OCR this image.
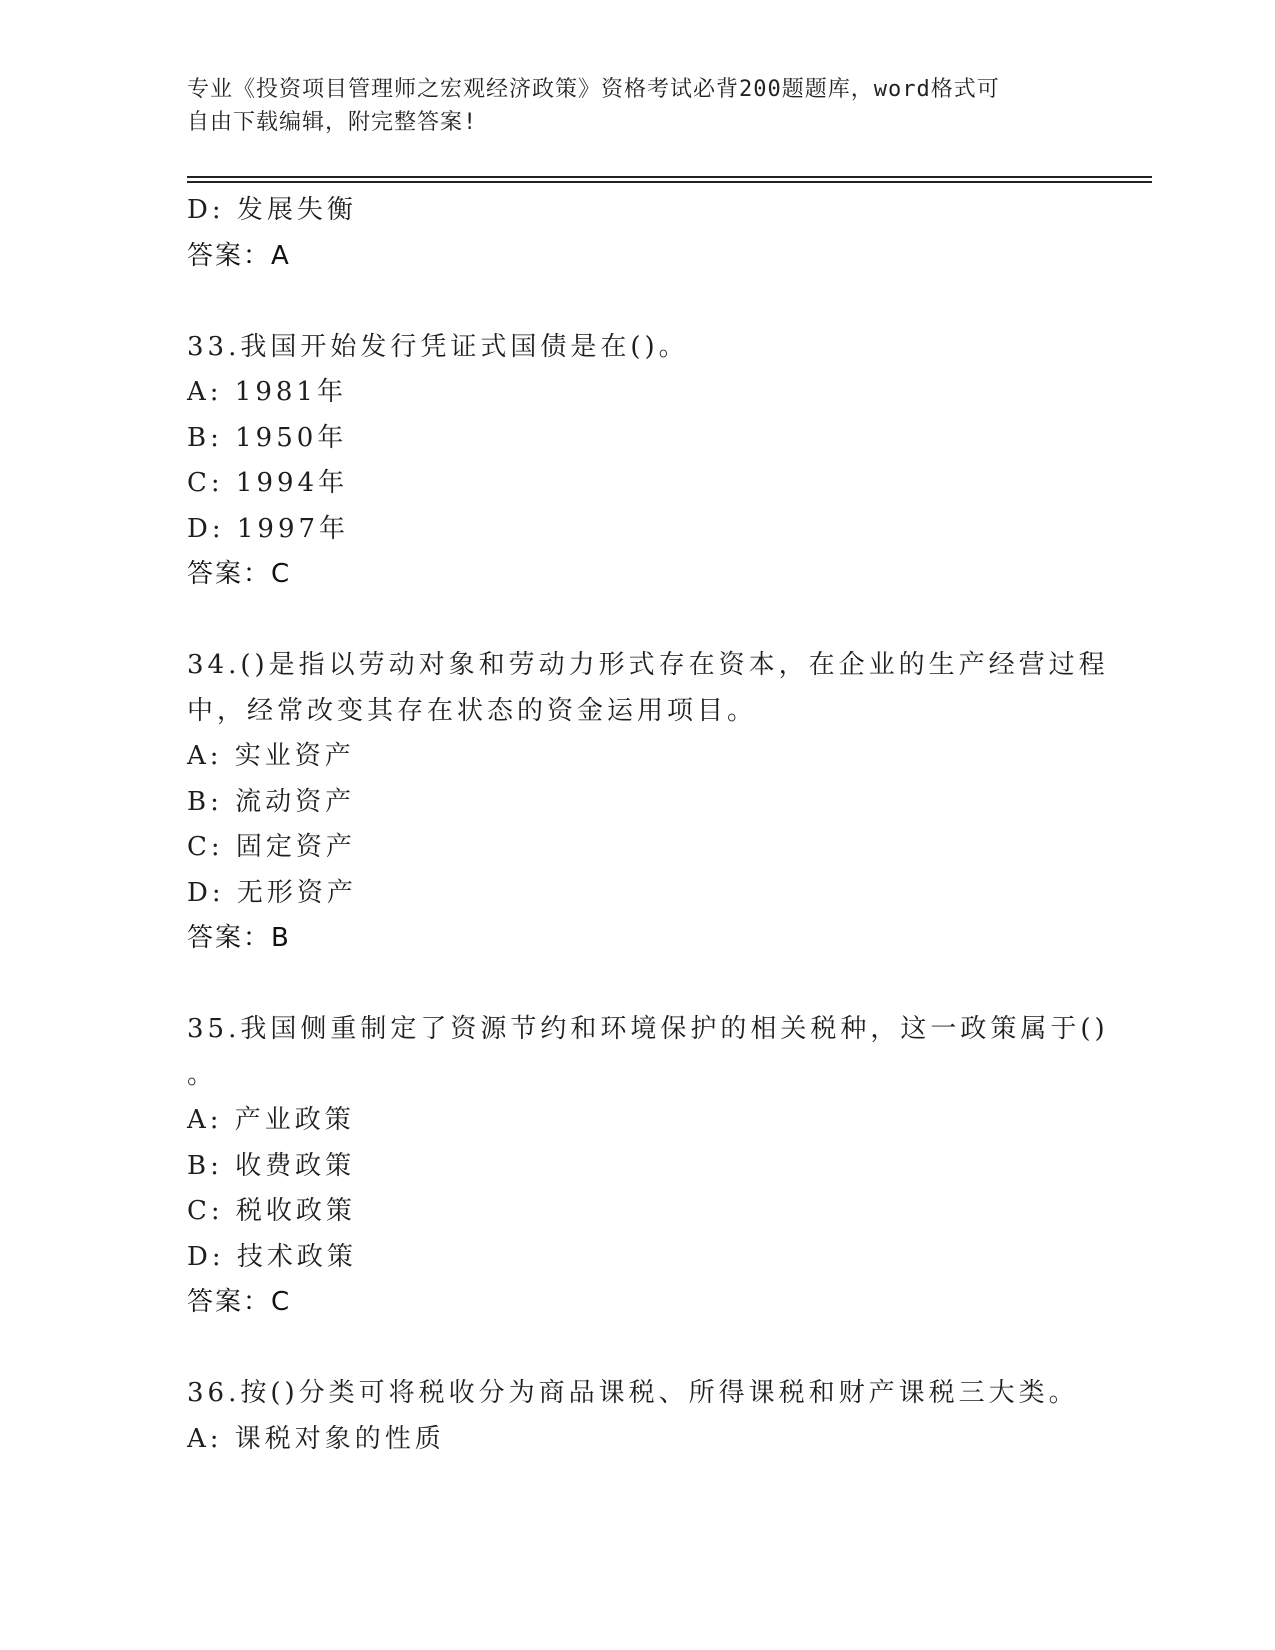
专业《投资项目管理师之宏观经济政策》资格考试必背200题题库，word格式可
自由下载编辑，附完整答案!
D: 发展失衡
答案：A
33.我国开始发行凭证式国债是在()。
A: 1981年
B: 1950年
C: 1994年
D: 1997年
答案：C
34.()是指以劳动对象和劳动力形式存在资本，在企业的生产经营过程
中，经常改变其存在状态的资金运用项目。
A: 实业资产
B: 流动资产
C: 固定资产
D: 无形资产
答案：B
35.我国侧重制定了资源节约和环境保护的相关税种，这一政策属于()
。
A: 产业政策
B: 收费政策
C: 税收政策
D: 技术政策
答案：C
36.按()分类可将税收分为商品课税、所得课税和财产课税三大类。
A: 课税对象的性质
